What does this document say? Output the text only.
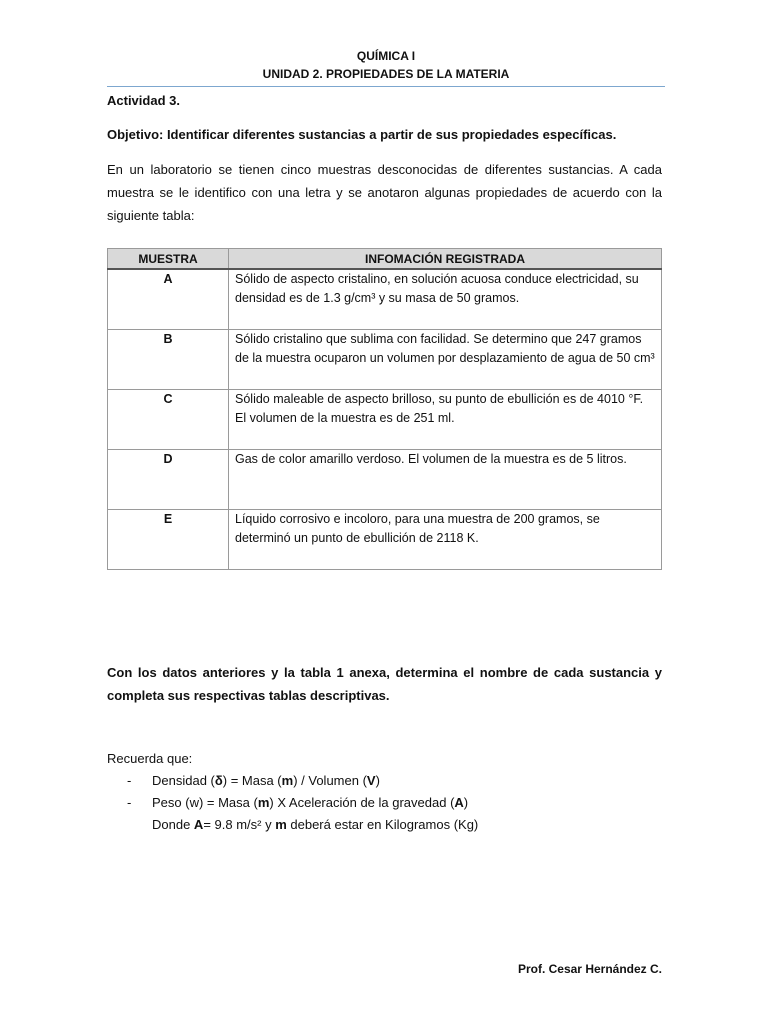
QUÍMICA I
UNIDAD 2. PROPIEDADES DE LA MATERIA
Actividad 3.
Objetivo: Identificar diferentes sustancias a partir de sus propiedades específicas.
En un laboratorio se tienen cinco muestras desconocidas de diferentes sustancias. A cada muestra se le identifico con una letra y se anotaron algunas propiedades de acuerdo con la siguiente tabla:
MUESTRA	INFOMACIÓN REGISTRADA
A	Sólido de aspecto cristalino, en solución acuosa conduce electricidad, su densidad es de 1.3 g/cm³ y su masa de 50 gramos.

B	Sólido cristalino que sublima con facilidad. Se determino que 247 gramos de la muestra ocuparon un volumen por desplazamiento de agua de 50 cm³

C	Sólido maleable de aspecto brilloso, su punto de ebullición es de 4010 °F. El volumen de la muestra es de 251 ml.

D	Gas de color amarillo verdoso. El volumen de la muestra es de 5 litros.

E	Líquido corrosivo e incoloro, para una muestra de 200 gramos, se determinó un punto de ebullición de 2118 K.
Con los datos anteriores y la tabla 1 anexa, determina el nombre de cada sustancia y completa sus respectivas tablas descriptivas.
Recuerda que:
- Densidad (δ) = Masa (m) / Volumen (V)
- Peso (w) = Masa (m) X Aceleración de la gravedad (A)
Donde A= 9.8 m/s² y m deberá estar en Kilogramos (Kg)
Prof. Cesar Hernández C.
